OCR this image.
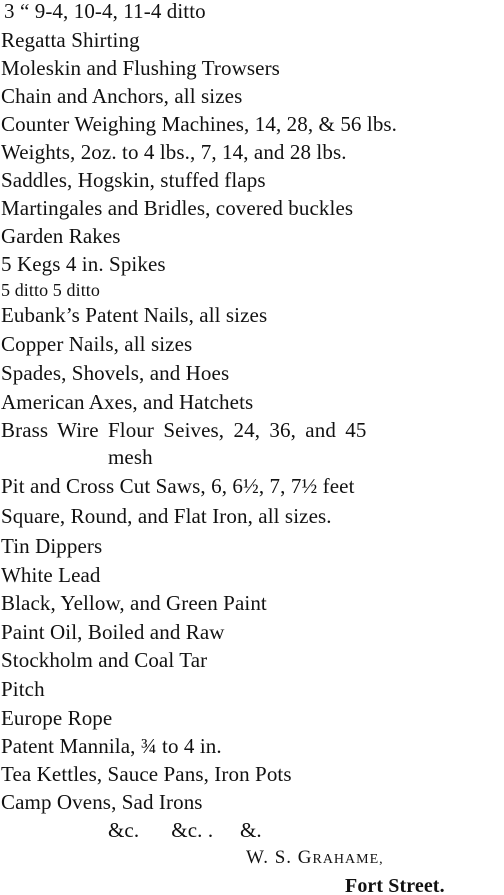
3 “ 9-4, 10-4, 11-4 ditto
Regatta Shirting
Moleskin and Flushing Trowsers
Chain and Anchors, all sizes
Counter Weighing Machines, 14, 28, & 56 lbs.
Weights, 2oz. to 4 lbs., 7, 14, and 28 lbs.
Saddles, Hogskin, stuffed flaps
Martingales and Bridles, covered buckles
Garden Rakes
5 Kegs 4 in. Spikes
5 ditto 5 ditto
Eubank’s Patent Nails, all sizes
Copper Nails, all sizes
Spades, Shovels, and Hoes
American Axes, and Hatchets
Brass Wire Flour Seives, 24, 36, and 45
mesh
Pit and Cross Cut Saws, 6, 6½, 7, 7½ feet
Square, Round, and Flat Iron, all sizes.
Tin Dippers
White Lead
Black, Yellow, and Green Paint
Paint Oil, Boiled and Raw
Stockholm and Coal Tar
Pitch
Europe Rope
Patent Mannila, ¾ to 4 in.
Tea Kettles, Sauce Pans, Iron Pots
Camp Ovens, Sad Irons
&c.      &c. .     &.
W. S. GRAHAME,
Fort Street.
